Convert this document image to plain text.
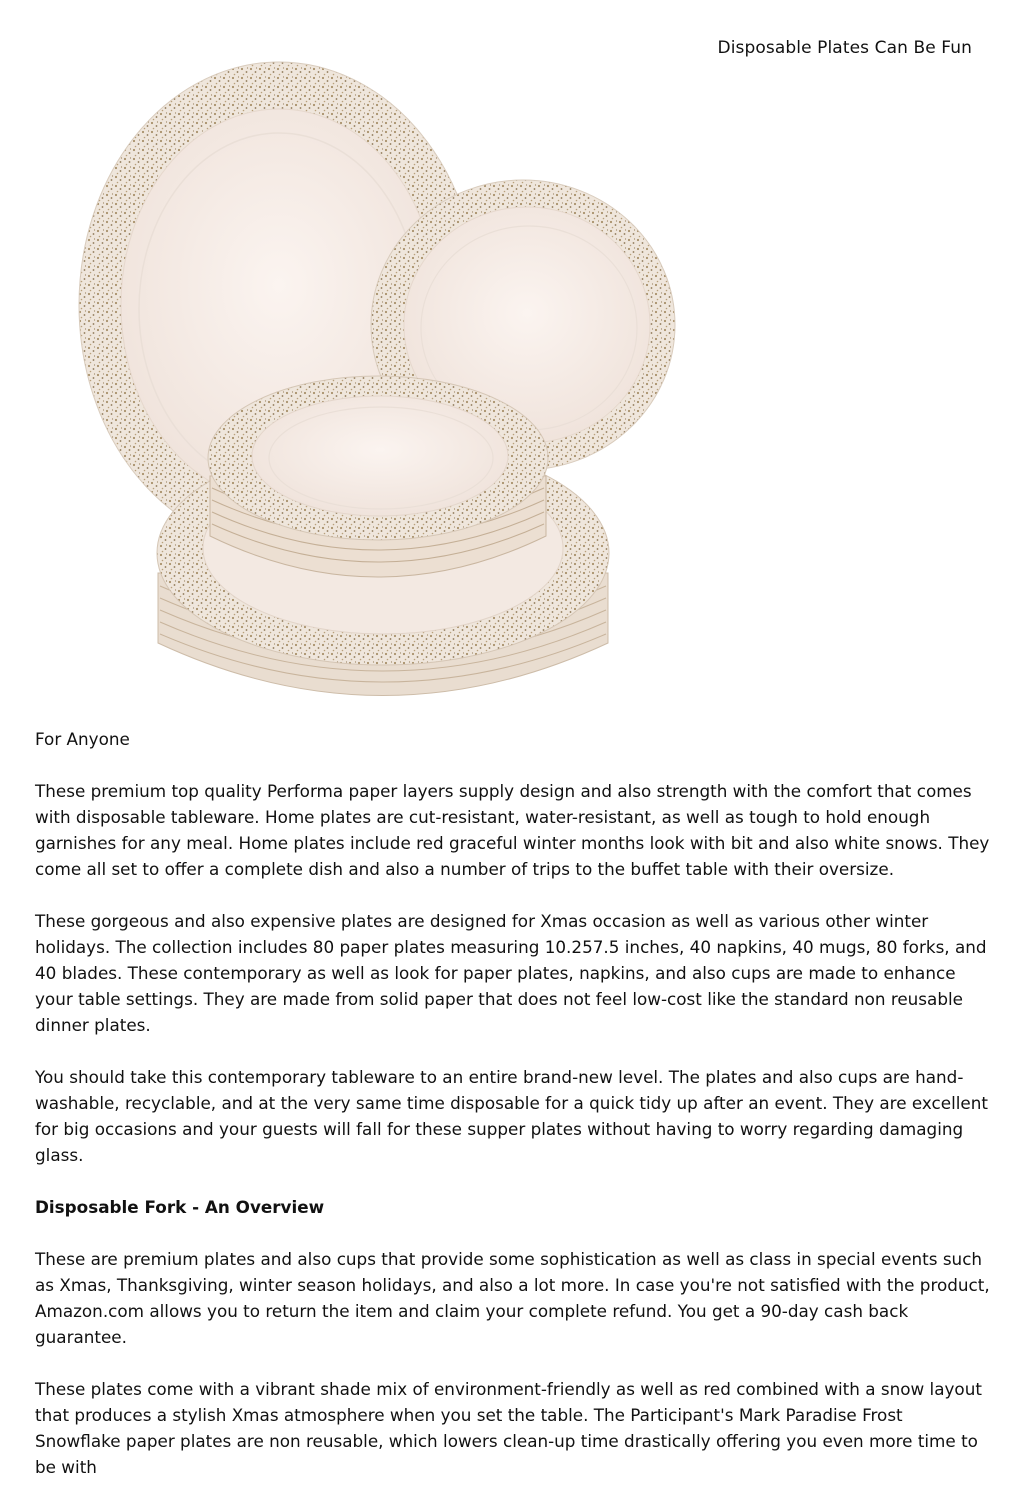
Disposable Plates Can Be Fun

For Anyone

These premium top quality Performa paper layers supply design and also strength with the comfort that comes with disposable tableware. Home plates are cut-resistant, water-resistant, as well as tough to hold enough garnishes for any meal. Home plates include red graceful winter months look with bit and also white snows. They come all set to offer a complete dish and also a number of trips to the buffet table with their oversize.

These gorgeous and also expensive plates are designed for Xmas occasion as well as various other winter holidays. The collection includes 80 paper plates measuring 10.257.5 inches, 40 napkins, 40 mugs, 80 forks, and 40 blades. These contemporary as well as look for paper plates, napkins, and also cups are made to enhance your table settings. They are made from solid paper that does not feel low-cost like the standard non reusable dinner plates.

You should take this contemporary tableware to an entire brand-new level. The plates and also cups are hand-washable, recyclable, and at the very same time disposable for a quick tidy up after an event. They are excellent for big occasions and your guests will fall for these supper plates without having to worry regarding damaging glass.

Disposable Fork - An Overview

These are premium plates and also cups that provide some sophistication as well as class in special events such as Xmas, Thanksgiving, winter season holidays, and also a lot more. In case you're not satisfied with the product, Amazon.com allows you to return the item and claim your complete refund. You get a 90-day cash back guarantee.

These plates come with a vibrant shade mix of environment-friendly as well as red combined with a snow layout that produces a stylish Xmas atmosphere when you set the table. The Participant's Mark Paradise Frost Snowflake paper plates are non reusable, which lowers clean-up time drastically offering you even more time to be with
